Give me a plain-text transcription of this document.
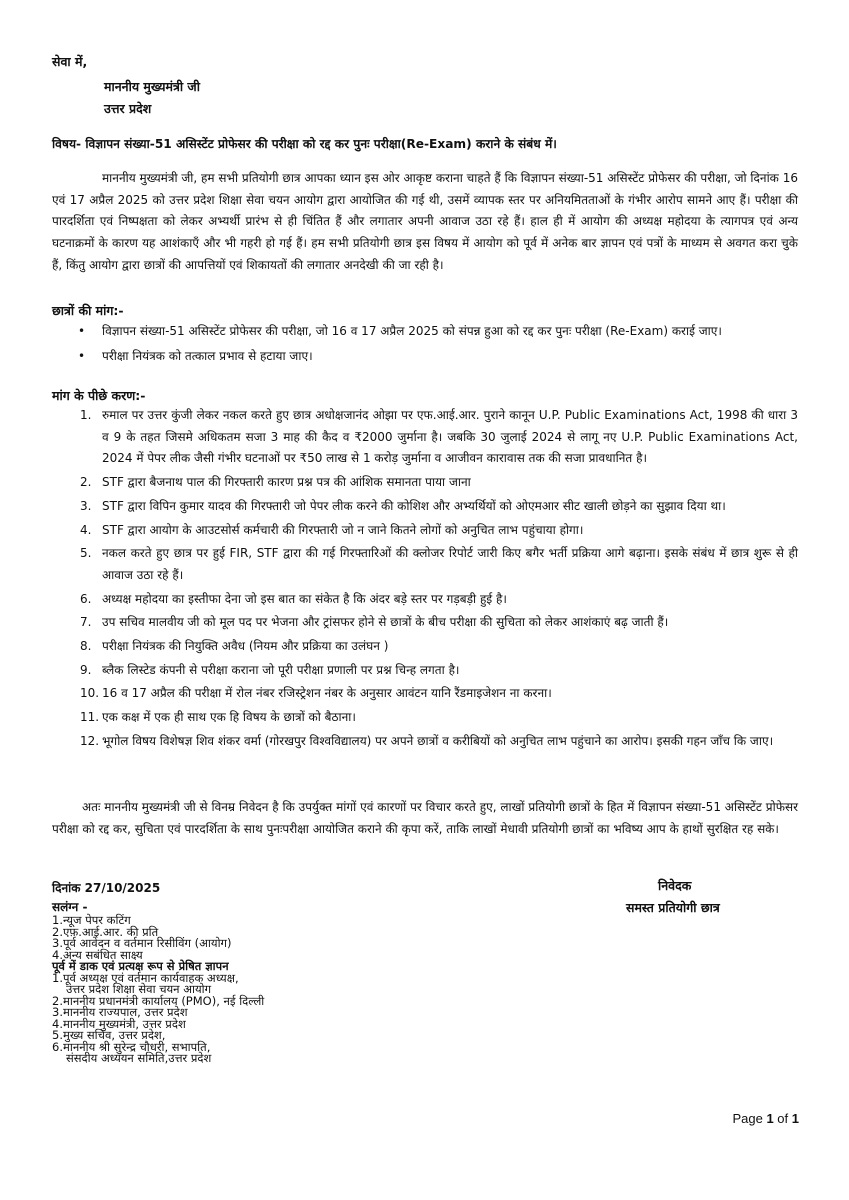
सेवा में,
माननीय मुख्यमंत्री जी
उत्तर प्रदेश
विषय- विज्ञापन संख्या-51 असिस्टेंट प्रोफेसर की परीक्षा को रद्द कर पुनः परीक्षा(Re-Exam) कराने के संबंध में।

माननीय मुख्यमंत्री जी, हम सभी प्रतियोगी छात्र आपका ध्यान इस ओर आकृष्ट कराना चाहते हैं कि विज्ञापन संख्या-51 असिस्टेंट प्रोफेसर की परीक्षा, जो दिनांक 16 एवं 17 अप्रैल 2025 को उत्तर प्रदेश शिक्षा सेवा चयन आयोग द्वारा आयोजित की गई थी, उसमें व्यापक स्तर पर अनियमितताओं के गंभीर आरोप सामने आए हैं। परीक्षा की पारदर्शिता एवं निष्पक्षता को लेकर अभ्यर्थी प्रारंभ से ही चिंतित हैं और लगातार अपनी आवाज उठा रहे हैं। हाल ही में आयोग की अध्यक्ष महोदया के त्यागपत्र एवं अन्य घटनाक्रमों के कारण यह आशंकाएँ और भी गहरी हो गई हैं। हम सभी प्रतियोगी छात्र इस विषय में आयोग को पूर्व में अनेक बार ज्ञापन एवं पत्रों के माध्यम से अवगत करा चुके हैं, किंतु आयोग द्वारा छात्रों की आपत्तियों एवं शिकायतों की लगातार अनदेखी की जा रही है।

छात्रों की मांग:-
• विज्ञापन संख्या-51 असिस्टेंट प्रोफेसर की परीक्षा, जो 16 व 17 अप्रैल 2025 को संपन्न हुआ को रद्द कर पुनः परीक्षा (Re-Exam) कराई जाए।
• परीक्षा नियंत्रक को तत्काल प्रभाव से हटाया जाए।
मांग के पीछे करण:-
1. रुमाल पर उत्तर कुंजी लेकर नकल करते हुए छात्र अधोक्षजानंद ओझा पर एफ.आई.आर. पुराने कानून U.P. Public Examinations Act, 1998 की धारा 3 व 9 के तहत जिसमे अधिकतम सजा 3 माह की कैद व ₹2000 जुर्माना है। जबकि 30 जुलाई 2024 से लागू नए U.P. Public Examinations Act, 2024 में पेपर लीक जैसी गंभीर घटनाओं पर ₹50 लाख से 1 करोड़ जुर्माना व आजीवन कारावास तक की सजा प्रावधानित है।
2. STF द्वारा बैजनाथ पाल की गिरफ्तारी कारण प्रश्न पत्र की आंशिक समानता पाया जाना
3. STF द्वारा विपिन कुमार यादव की गिरफ्तारी जो पेपर लीक करने की कोशिश और अभ्यर्थियों को ओएमआर सीट खाली छोड़ने का सुझाव दिया था।
4. STF द्वारा आयोग के आउटसोर्स कर्मचारी की गिरफ्तारी जो न जाने कितने लोगों को अनुचित लाभ पहुंचाया होगा।
5. नकल करते हुए छात्र पर हुई FIR, STF द्वारा की गई गिरफ्तारिओं की क्लोजर रिपोर्ट जारी किए बगैर भर्ती प्रक्रिया आगे बढ़ाना। इसके संबंध में छात्र शुरू से ही आवाज उठा रहे हैं।
6. अध्यक्ष महोदया का इस्तीफा देना जो इस बात का संकेत है कि अंदर बड़े स्तर पर गड़बड़ी हुई है।
7. उप सचिव मालवीय जी को मूल पद पर भेजना और ट्रांसफर होने से छात्रों के बीच परीक्षा की सुचिता को लेकर आशंकाएं बढ़ जाती हैं।
8. परीक्षा नियंत्रक की नियुक्ति अवैध (नियम और प्रक्रिया का उलंघन )
9. ब्लैक लिस्टेड कंपनी से परीक्षा कराना जो पूरी परीक्षा प्रणाली पर प्रश्न चिन्ह लगता है।
10. 16 व 17 अप्रैल की परीक्षा में रोल नंबर रजिस्ट्रेशन नंबर के अनुसार आवंटन यानि रैंडमाइजेशन ना करना।
11. एक कक्ष में एक ही साथ एक हि विषय के छात्रों को बैठाना।
12. भूगोल विषय विशेषज्ञ शिव शंकर वर्मा (गोरखपुर विश्वविद्यालय) पर अपने छात्रों व करीबियों को अनुचित लाभ पहुंचाने का आरोप। इसकी गहन जाँच कि जाए।

अतः माननीय मुख्यमंत्री जी से विनम्र निवेदन है कि उपर्युक्त मांगों एवं कारणों पर विचार करते हुए, लाखों प्रतियोगी छात्रों के हित में विज्ञापन संख्या-51 असिस्टेंट प्रोफेसर परीक्षा को रद्द कर, सुचिता एवं पारदर्शिता के साथ पुनःपरीक्षा आयोजित कराने की कृपा करें, ताकि लाखों मेधावी प्रतियोगी छात्रों का भविष्य आप के हाथों सुरक्षित रह सके।

दिनांक 27/10/2025	निवेदक
समस्त प्रतियोगी छात्र
सलंग्न -
1.न्यूज पेपर कटिंग
2.एफ़.आई.आर. की प्रति
3.पूर्व आवेदन व वर्तमान रिसीविंग (आयोग)
4.अन्य सबंधित साक्ष्य
पूर्व में डाक एवं प्रत्यक्ष रूप से प्रेषित ज्ञापन
1.पूर्व अध्यक्ष एवं वर्तमान कार्यवाहक अध्यक्ष,
उत्तर प्रदेश शिक्षा सेवा चयन आयोग
2.माननीय प्रधानमंत्री कार्यालय (PMO), नई दिल्ली
3.माननीय राज्यपाल, उत्तर प्रदेश
4.माननीय मुख्यमंत्री, उत्तर प्रदेश
5.मुख्य सचिव, उत्तर प्रदेश,
6.माननीय श्री सुरेन्द्र चौधरी, सभापति,
संसदीय अध्ययन समिति,उत्तर प्रदेश
Page 1 of 1
